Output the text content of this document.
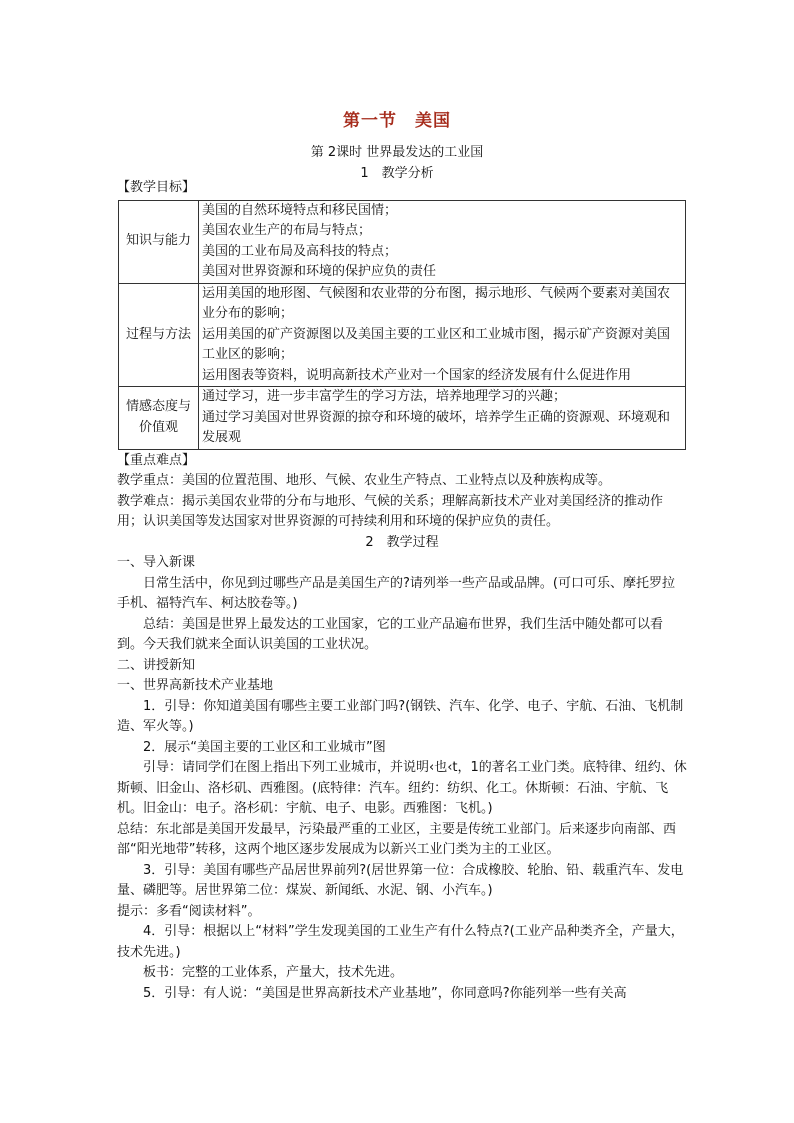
第一节　美国
第 2课时 世界最发达的工业国
1　教学分析

【教学目标】

知识与能力	美国的自然环境特点和移民国情；
美国农业生产的布局与特点；
美国的工业布局及高科技的特点；
美国对世界资源和环境的保护应负的责任

过程与方法	运用美国的地形图、气候图和农业带的分布图，揭示地形、气候两个要素对美国农业分布的影响；
运用美国的矿产资源图以及美国主要的工业区和工业城市图，揭示矿产资源对美国工业区的影响；
运用图表等资料，说明高新技术产业对一个国家的经济发展有什么促进作用

情感态度与价值观	通过学习，进一步丰富学生的学习方法，培养地理学习的兴趣；
通过学习美国对世界资源的掠夺和环境的破坏，培养学生正确的资源观、环境观和发展观

【重点难点】

教学重点：美国的位置范围、地形、气候、农业生产特点、工业特点以及种族构成等。

教学难点：揭示美国农业带的分布与地形、气候的关系；理解高新技术产业对美国经济的推动作用；认识美国等发达国家对世界资源的可持续利用和环境的保护应负的责任。

2　教学过程

一、导入新课

日常生活中，你见到过哪些产品是美国生产的?请列举一些产品或品牌。(可口可乐、摩托罗拉手机、福特汽车、柯达胶卷等。)

总结：美国是世界上最发达的工业国家，它的工业产品遍布世界，我们生活中随处都可以看到。今天我们就来全面认识美国的工业状况。

二、讲授新知

一、世界高新技术产业基地

1．引导：你知道美国有哪些主要工业部门吗?(钢铁、汽车、化学、电子、宇航、石油、飞机制造、军火等。)

2．展示“美国主要的工业区和工业城市”图

引导：请同学们在图上指出下列工业城市，并说明‹也‹t，1的著名工业门类。底特律、纽约、休斯顿、旧金山、洛杉矶、西雅图。(底特律：汽车。纽约：纺织、化工。休斯顿：石油、宇航、飞机。旧金山：电子。洛杉矶：宇航、电子、电影。西雅图：飞机。)

总结：东北部是美国开发最早，污染最严重的工业区，主要是传统工业部门。后来逐步向南部、西部“阳光地带”转移，这两个地区逐步发展成为以新兴工业门类为主的工业区。

3．引导：美国有哪些产品居世界前列?(居世界第一位：合成橡胶、轮胎、铅、载重汽车、发电量、磷肥等。居世界第二位：煤炭、新闻纸、水泥、钢、小汽车。)

提示：多看“阅读材料”。

4．引导：根据以上“材料”学生发现美国的工业生产有什么特点?(工业产品种类齐全，产量大，技术先进。)

板书：完整的工业体系，产量大，技术先进。

5．引导：有人说：“美国是世界高新技术产业基地”，你同意吗?你能列举一些有关高
